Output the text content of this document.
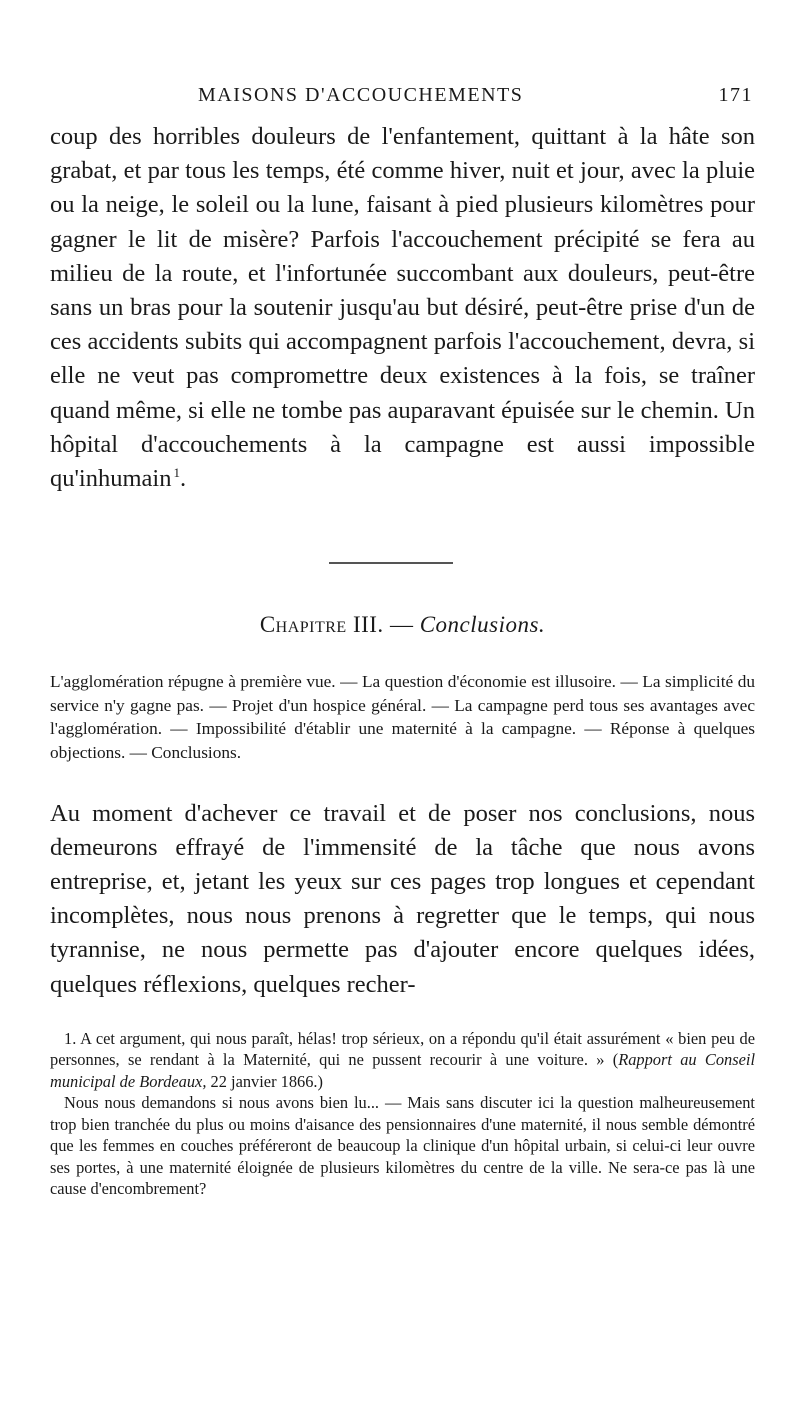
MAISONS D'ACCOUCHEMENTS	171

coup des horribles douleurs de l'enfantement, quittant à la hâte son grabat, et par tous les temps, été comme hiver, nuit et jour, avec la pluie ou la neige, le soleil ou la lune, faisant à pied plusieurs kilomètres pour gagner le lit de misère? Parfois l'accouchement précipité se fera au milieu de la route, et l'infortunée succombant aux douleurs, peut-être sans un bras pour la soutenir jusqu'au but désiré, peut-être prise d'un de ces accidents subits qui accompagnent parfois l'accouchement, devra, si elle ne veut pas compromettre deux existences à la fois, se traîner quand même, si elle ne tombe pas auparavant épuisée sur le chemin. Un hôpital d'accouchements à la campagne est aussi impossible qu'inhumain  $^1$.

Chapitre III. — Conclusions.

L'agglomération répugne à première vue. — La question d'économie est illusoire. — La simplicité du service n'y gagne pas. — Projet d'un hospice général. — La campagne perd tous ses avantages avec l'agglomération. — Impossibilité d'établir une maternité à la campagne. — Réponse à quelques objections. — Conclusions.

Au moment d'achever ce travail et de poser nos conclusions, nous demeurons effrayé de l'immensité de la tâche que nous avons entreprise, et, jetant les yeux sur ces pages trop longues et cependant incomplètes, nous nous prenons à regretter que le temps, qui nous tyrannise, ne nous permette pas d'ajouter encore quelques idées, quelques réflexions, quelques recher-

1. A cet argument, qui nous paraît, hélas! trop sérieux, on a répondu qu'il était assurément « bien peu de personnes, se rendant à la Maternité, qui ne pussent recourir à une voiture. » (Rapport au Conseil municipal de Bordeaux, 22 janvier 1866.)

Nous nous demandons si nous avons bien lu... — Mais sans discuter ici la question malheureusement trop bien tranchée du plus ou moins d'aisance des pensionnaires d'une maternité, il nous semble démontré que les femmes en couches préféreront de beaucoup la clinique d'un hôpital urbain, si celui-ci leur ouvre ses portes, à une maternité éloignée de plusieurs kilomètres du centre de la ville. Ne sera-ce pas là une cause d'encombrement?
